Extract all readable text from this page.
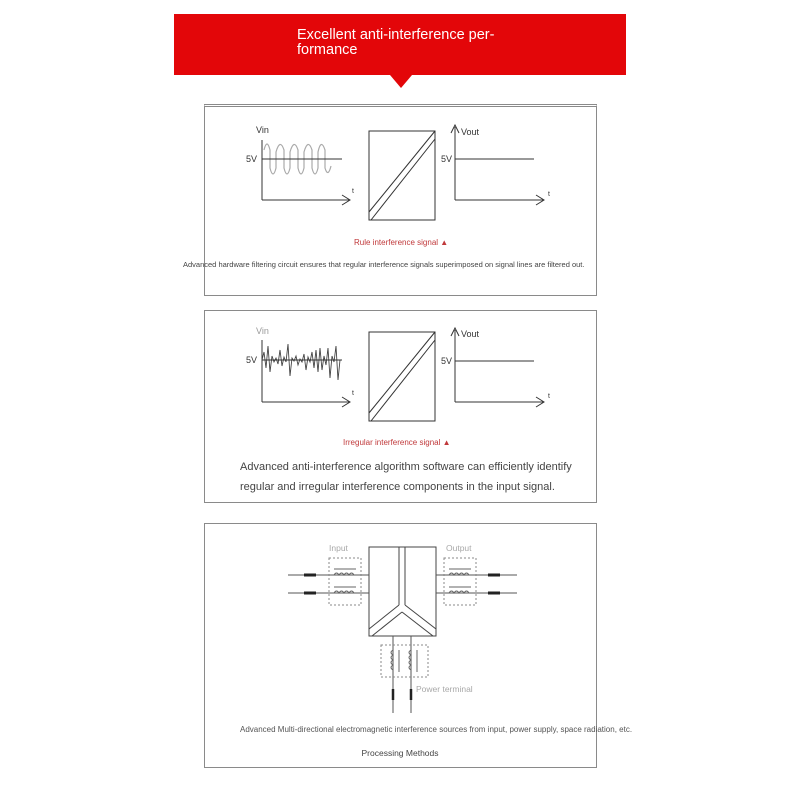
Excellent anti-interference per-
formance
Vin
5V
t
Vout
5V
t
Rule interference signal ▲
Advanced hardware filtering circuit ensures that regular interference signals superimposed on signal lines are filtered out.
Vin
5V
t
Vout
5V
t
Irregular interference signal ▲
Advanced anti-interference algorithm software can efficiently identify regular and irregular interference components in the input signal.
Input	Output
Power terminal
Advanced Multi-directional electromagnetic interference sources from input, power supply, space radiation, etc.
Processing Methods
